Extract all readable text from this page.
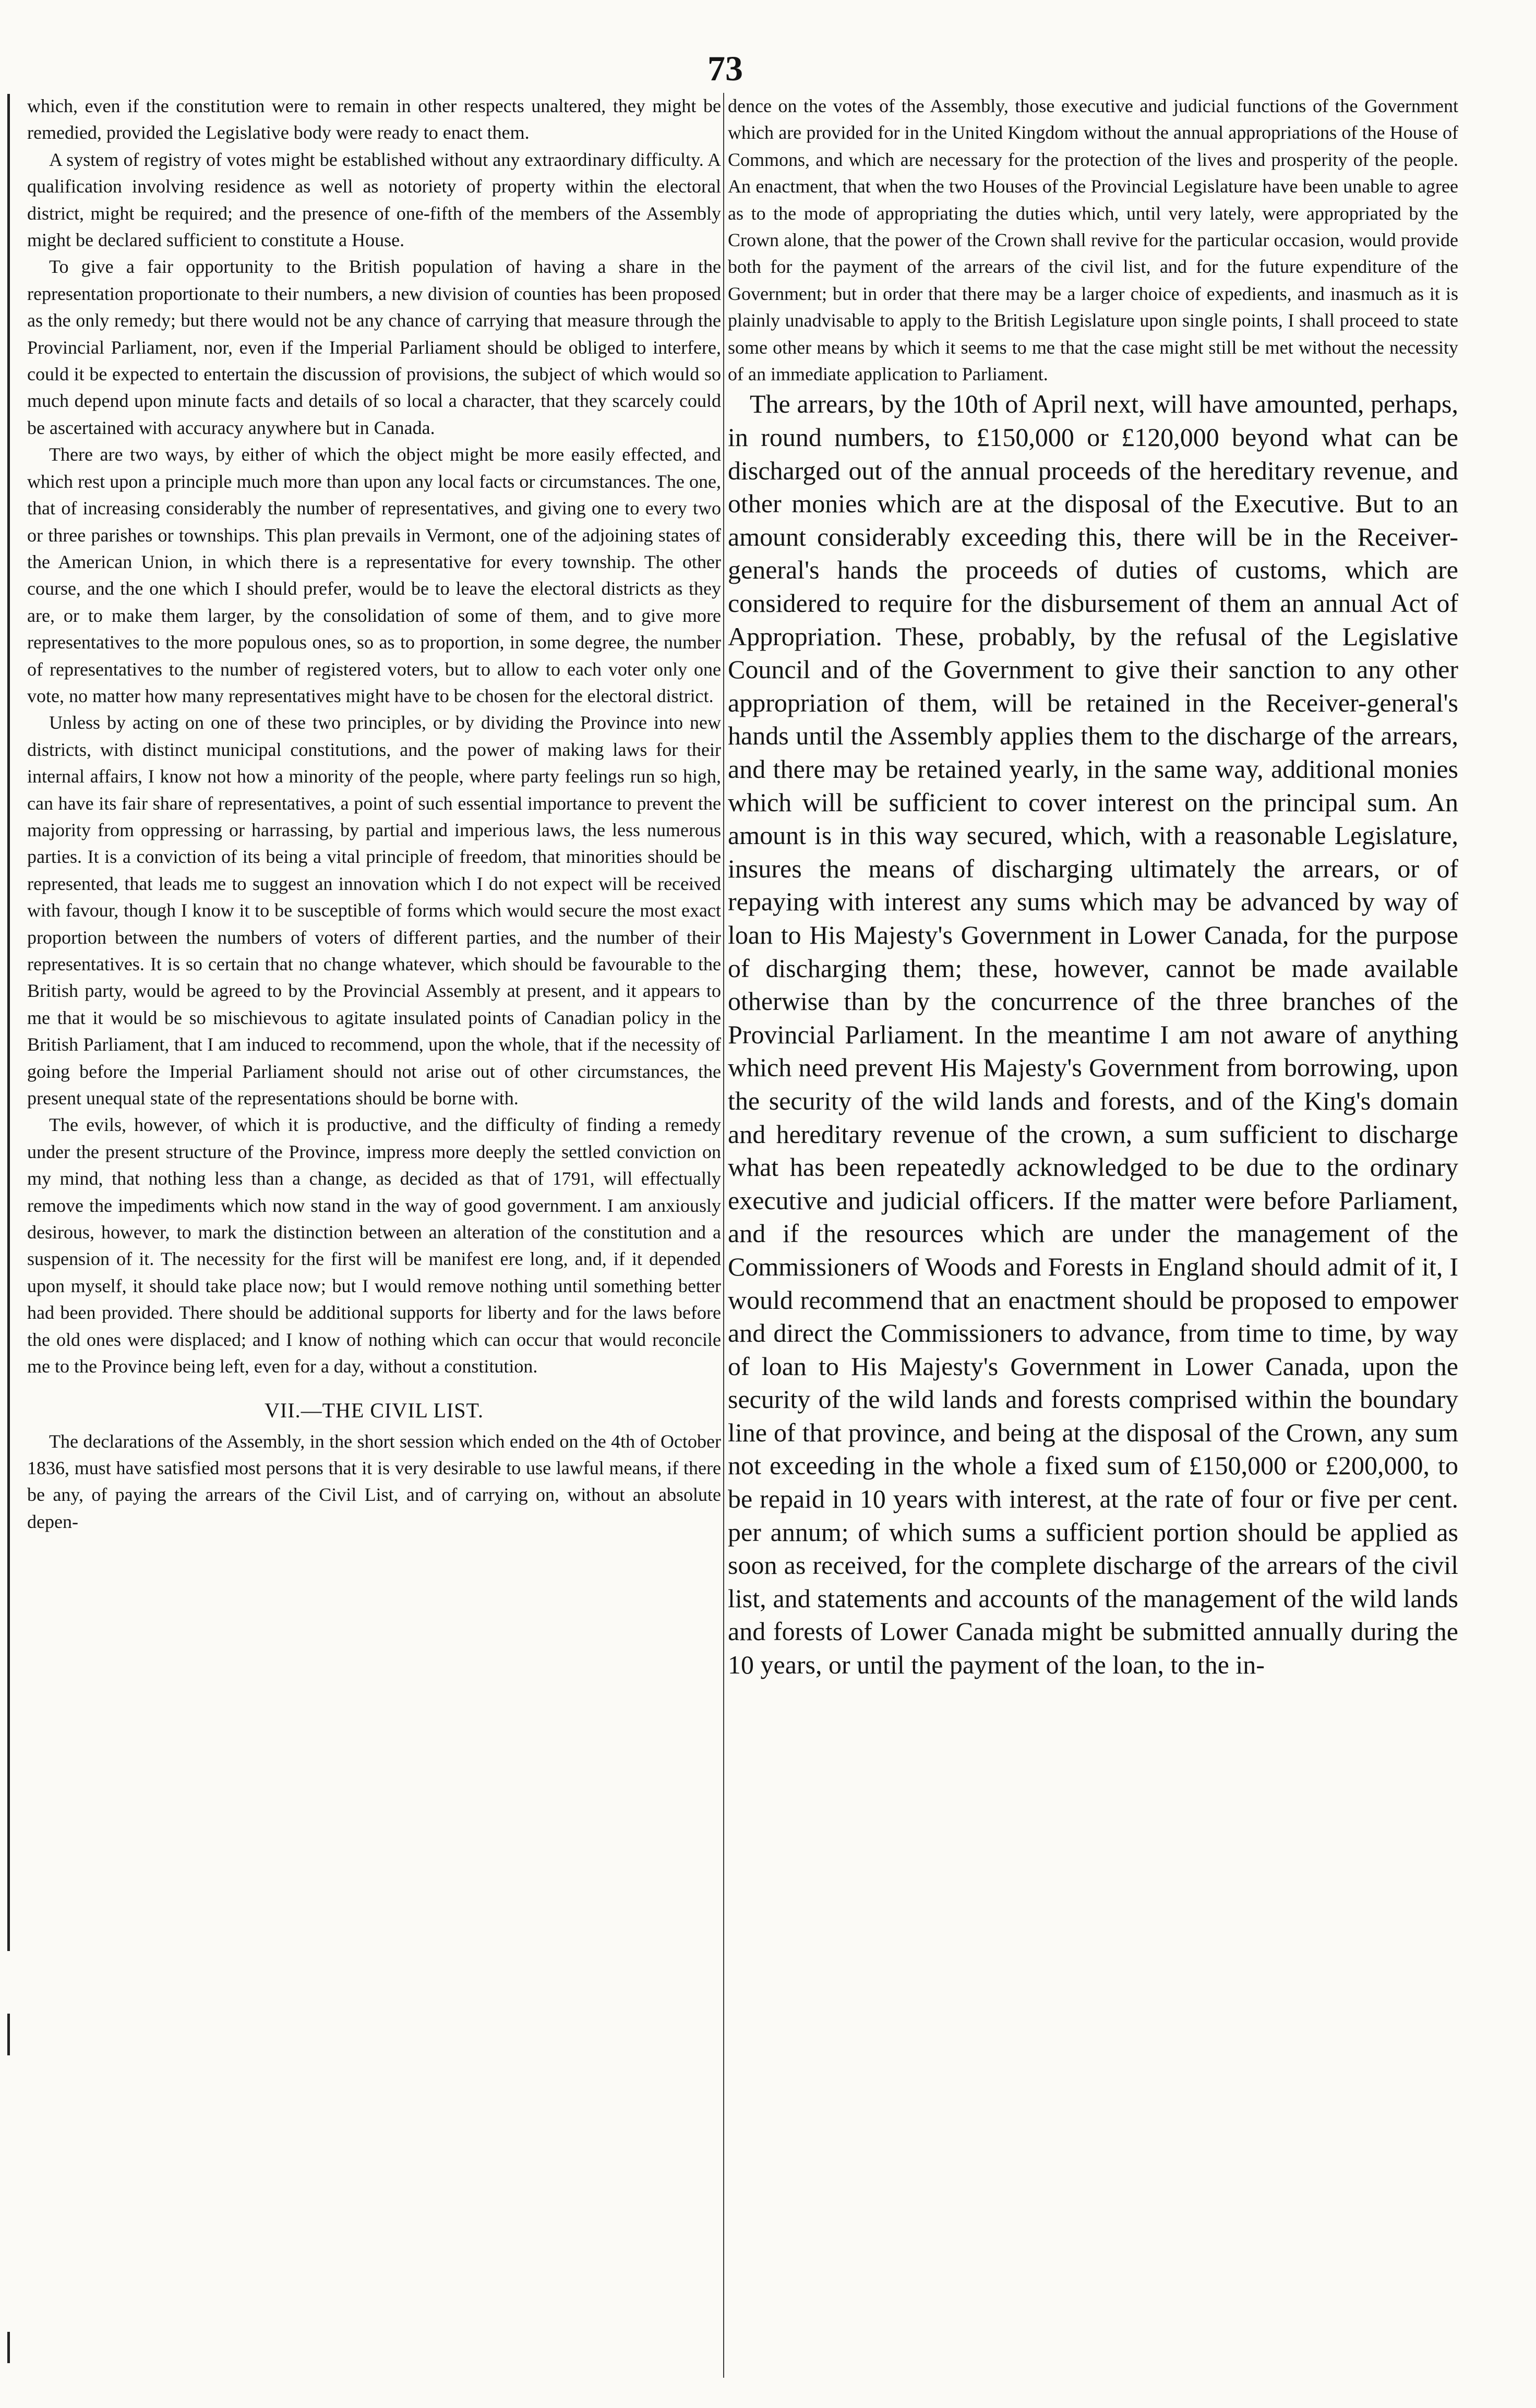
73

which, even if the constitution were to remain in other respects unaltered, they might be remedied, provided the Legislative body were ready to enact them.

A system of registry of votes might be established without any extraordinary difficulty. A qualification involving residence as well as notoriety of property within the electoral district, might be required; and the presence of one-fifth of the members of the Assembly might be declared sufficient to constitute a House.

To give a fair opportunity to the British population of having a share in the representation proportionate to their numbers, a new division of counties has been proposed as the only remedy; but there would not be any chance of carrying that measure through the Provincial Parliament, nor, even if the Imperial Parliament should be obliged to interfere, could it be expected to entertain the discussion of provisions, the subject of which would so much depend upon minute facts and details of so local a character, that they scarcely could be ascertained with accuracy anywhere but in Canada.

There are two ways, by either of which the object might be more easily effected, and which rest upon a principle much more than upon any local facts or circumstances. The one, that of increasing considerably the number of representatives, and giving one to every two or three parishes or townships. This plan prevails in Vermont, one of the adjoining states of the American Union, in which there is a representative for every township. The other course, and the one which I should prefer, would be to leave the electoral districts as they are, or to make them larger, by the consolidation of some of them, and to give more representatives to the more populous ones, so as to proportion, in some degree, the number of representatives to the number of registered voters, but to allow to each voter only one vote, no matter how many representatives might have to be chosen for the electoral district.

Unless by acting on one of these two principles, or by dividing the Province into new districts, with distinct municipal constitutions, and the power of making laws for their internal affairs, I know not how a minority of the people, where party feelings run so high, can have its fair share of representatives, a point of such essential importance to prevent the majority from oppressing or harrassing, by partial and imperious laws, the less numerous parties. It is a conviction of its being a vital principle of freedom, that minorities should be represented, that leads me to suggest an innovation which I do not expect will be received with favour, though I know it to be susceptible of forms which would secure the most exact proportion between the numbers of voters of different parties, and the number of their representatives. It is so certain that no change whatever, which should be favourable to the British party, would be agreed to by the Provincial Assembly at present, and it appears to me that it would be so mischievous to agitate insulated points of Canadian policy in the British Parliament, that I am induced to recommend, upon the whole, that if the necessity of going before the Imperial Parliament should not arise out of other circumstances, the present unequal state of the representations should be borne with.

The evils, however, of which it is productive, and the difficulty of finding a remedy under the present structure of the Province, impress more deeply the settled conviction on my mind, that nothing less than a change, as decided as that of 1791, will effectually remove the impediments which now stand in the way of good government. I am anxiously desirous, however, to mark the distinction between an alteration of the constitution and a suspension of it. The necessity for the first will be manifest ere long, and, if it depended upon myself, it should take place now; but I would remove nothing until something better had been provided. There should be additional supports for liberty and for the laws before the old ones were displaced; and I know of nothing which can occur that would reconcile me to the Province being left, even for a day, without a constitution.

VII.—THE CIVIL LIST.

The declarations of the Assembly, in the short session which ended on the 4th of October 1836, must have satisfied most persons that it is very desirable to use lawful means, if there be any, of paying the arrears of the Civil List, and of carrying on, without an absolute depen-

dence on the votes of the Assembly, those executive and judicial functions of the Government which are provided for in the United Kingdom without the annual appropriations of the House of Commons, and which are necessary for the protection of the lives and prosperity of the people. An enactment, that when the two Houses of the Provincial Legislature have been unable to agree as to the mode of appropriating the duties which, until very lately, were appropriated by the Crown alone, that the power of the Crown shall revive for the particular occasion, would provide both for the payment of the arrears of the civil list, and for the future expenditure of the Government; but in order that there may be a larger choice of expedients, and inasmuch as it is plainly unadvisable to apply to the British Legislature upon single points, I shall proceed to state some other means by which it seems to me that the case might still be met without the necessity of an immediate application to Parliament.

The arrears, by the 10th of April next, will have amounted, perhaps, in round numbers, to £150,000 or £120,000 beyond what can be discharged out of the annual proceeds of the hereditary revenue, and other monies which are at the disposal of the Executive. But to an amount considerably exceeding this, there will be in the Receiver-general's hands the proceeds of duties of customs, which are considered to require for the disbursement of them an annual Act of Appropriation. These, probably, by the refusal of the Legislative Council and of the Government to give their sanction to any other appropriation of them, will be retained in the Receiver-general's hands until the Assembly applies them to the discharge of the arrears, and there may be retained yearly, in the same way, additional monies which will be sufficient to cover interest on the principal sum. An amount is in this way secured, which, with a reasonable Legislature, insures the means of discharging ultimately the arrears, or of repaying with interest any sums which may be advanced by way of loan to His Majesty's Government in Lower Canada, for the purpose of discharging them; these, however, cannot be made available otherwise than by the concurrence of the three branches of the Provincial Parliament. In the meantime I am not aware of anything which need prevent His Majesty's Government from borrowing, upon the security of the wild lands and forests, and of the King's domain and hereditary revenue of the crown, a sum sufficient to discharge what has been repeatedly acknowledged to be due to the ordinary executive and judicial officers. If the matter were before Parliament, and if the resources which are under the management of the Commissioners of Woods and Forests in England should admit of it, I would recommend that an enactment should be proposed to empower and direct the Commissioners to advance, from time to time, by way of loan to His Majesty's Government in Lower Canada, upon the security of the wild lands and forests comprised within the boundary line of that province, and being at the disposal of the Crown, any sum not exceeding in the whole a fixed sum of £150,000 or £200,000, to be repaid in 10 years with interest, at the rate of four or five per cent. per annum; of which sums a sufficient portion should be applied as soon as received, for the complete discharge of the arrears of the civil list, and statements and accounts of the management of the wild lands and forests of Lower Canada might be submitted annually during the 10 years, or until the payment of the loan, to the in-
